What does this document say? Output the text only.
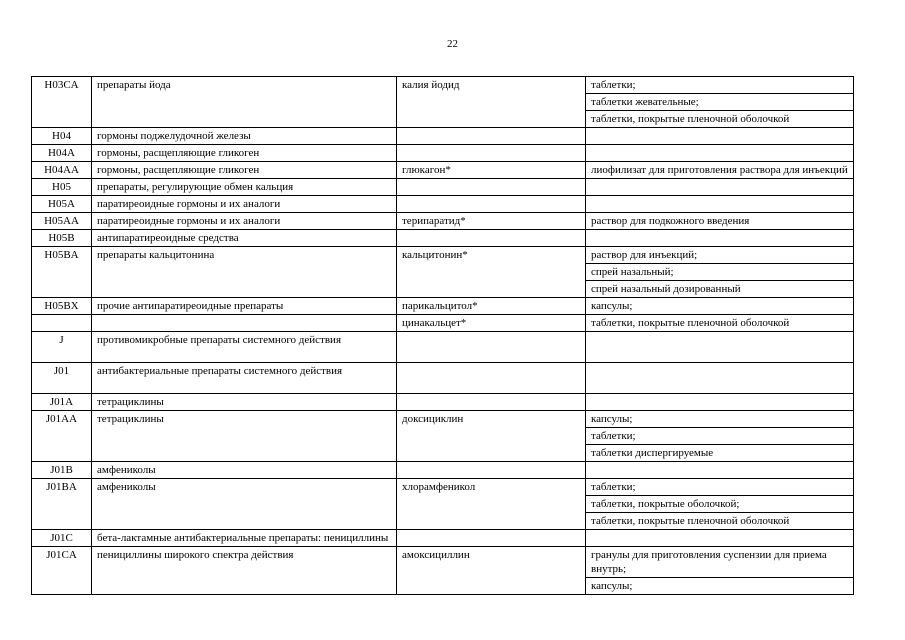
22
H03CA	препараты йода	калия йодид	таблетки;
таблетки жевательные;
таблетки, покрытые пленочной оболочкой

H04	гормоны поджелудочной железы		

H04A	гормоны, расщепляющие гликоген		

H04AA	гормоны, расщепляющие гликоген	глюкагон*	лиофилизат для приготовления раствора для инъекций

H05	препараты, регулирующие обмен кальция		

H05A	паратиреоидные гормоны и их аналоги		

H05AA	паратиреоидные гормоны и их аналоги	терипаратид*	раствор для подкожного введения

H05B	антипаратиреоидные средства		

H05BA	препараты кальцитонина	кальцитонин*	раствор для инъекций;
спрей назальный;
спрей назальный дозированный

H05BX	прочие антипаратиреоидные препараты	парикальцитол*	капсулы;

		цинакальцет*	таблетки, покрытые пленочной оболочкой

J	противомикробные препараты системного действия		

J01	антибактериальные препараты системного действия		

J01A	тетрациклины		

J01AA	тетрациклины	доксициклин	капсулы;
таблетки;
таблетки диспергируемые

J01B	амфениколы		

J01BA	амфениколы	хлорамфеникол	таблетки;
таблетки, покрытые оболочкой;
таблетки, покрытые пленочной оболочкой

J01C	бета-лактамные антибактериальные препараты: пенициллины		

J01CA	пенициллины широкого спектра действия	амоксициллин	гранулы для приготовления суспензии для приема внутрь;
капсулы;
